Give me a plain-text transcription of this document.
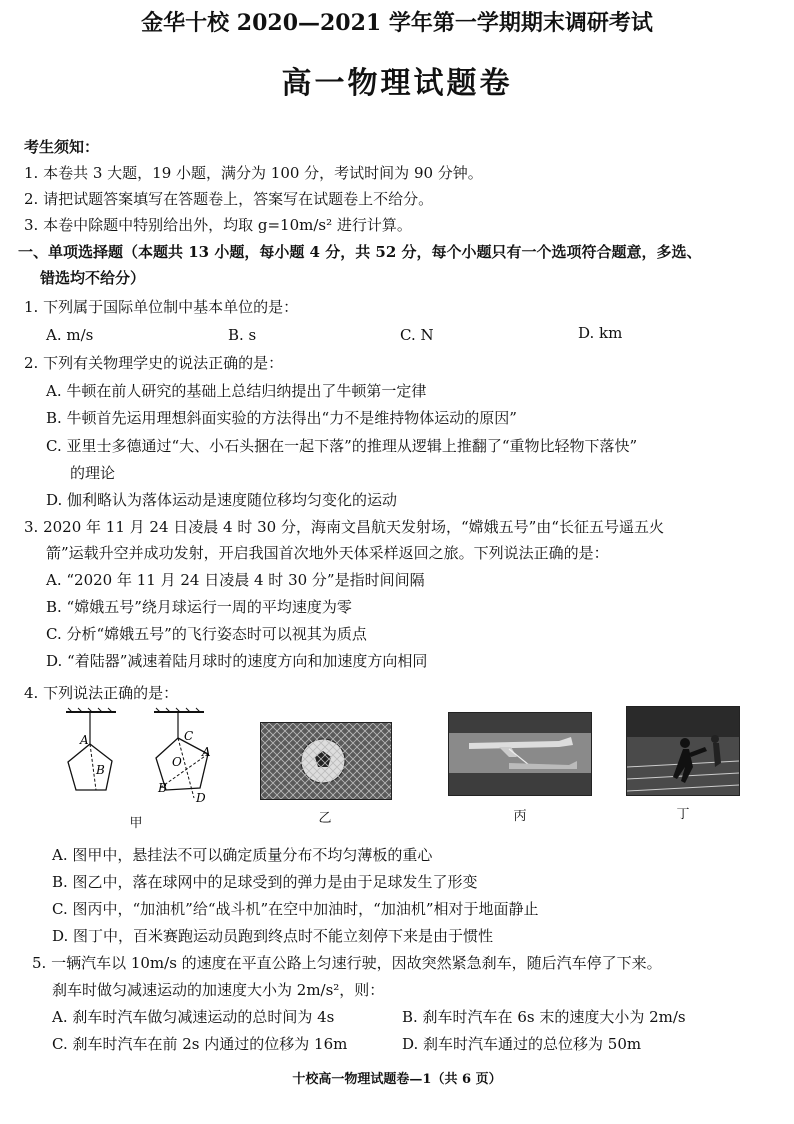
金华十校 2020—2021 学年第一学期期末调研考试
高一物理试题卷
考生须知：
1. 本卷共 3 大题，19 小题，满分为 100 分，考试时间为 90 分钟。
2. 请把试题答案填写在答题卷上，答案写在试题卷上不给分。
3. 本卷中除题中特别给出外，均取 g=10m/s² 进行计算。
一、单项选择题（本题共 13 小题，每小题 4 分，共 52 分，每个小题只有一个选项符合题意，多选、
错选均不给分）
1. 下列属于国际单位制中基本单位的是：
A. m/s	B. s	C. N	D. km
2. 下列有关物理学史的说法正确的是：
A. 牛顿在前人研究的基础上总结归纳提出了牛顿第一定律
B. 牛顿首先运用理想斜面实验的方法得出“力不是维持物体运动的原因”
C. 亚里士多德通过“大、小石头捆在一起下落”的推理从逻辑上推翻了“重物比轻物下落快”
的理论
D. 伽利略认为落体运动是速度随位移均匀变化的运动
3. 2020 年 11 月 24 日凌晨 4 时 30 分，海南文昌航天发射场，“嫦娥五号”由“长征五号遥五火
箭”运载升空并成功发射，开启我国首次地外天体采样返回之旅。下列说法正确的是：
A. “2020 年 11 月 24 日凌晨 4 时 30 分”是指时间间隔
B. “嫦娥五号”绕月球运行一周的平均速度为零
C. 分析“嫦娥五号”的飞行姿态时可以视其为质点
D. “着陆器”减速着陆月球时的速度方向和加速度方向相同
4. 下列说法正确的是：
A
B
C
O
A
B
D
甲	乙	丙	丁
A. 图甲中，悬挂法不可以确定质量分布不均匀薄板的重心
B. 图乙中，落在球网中的足球受到的弹力是由于足球发生了形变
C. 图丙中，“加油机”给“战斗机”在空中加油时，“加油机”相对于地面静止
D. 图丁中，百米赛跑运动员跑到终点时不能立刻停下来是由于惯性
5. 一辆汽车以 10m/s 的速度在平直公路上匀速行驶，因故突然紧急刹车，随后汽车停了下来。
刹车时做匀减速运动的加速度大小为 2m/s²，则：
A. 刹车时汽车做匀减速运动的总时间为 4s	B. 刹车时汽车在 6s 末的速度大小为 2m/s
C. 刹车时汽车在前 2s 内通过的位移为 16m	D. 刹车时汽车通过的总位移为 50m
十校高一物理试题卷—1（共 6 页）
